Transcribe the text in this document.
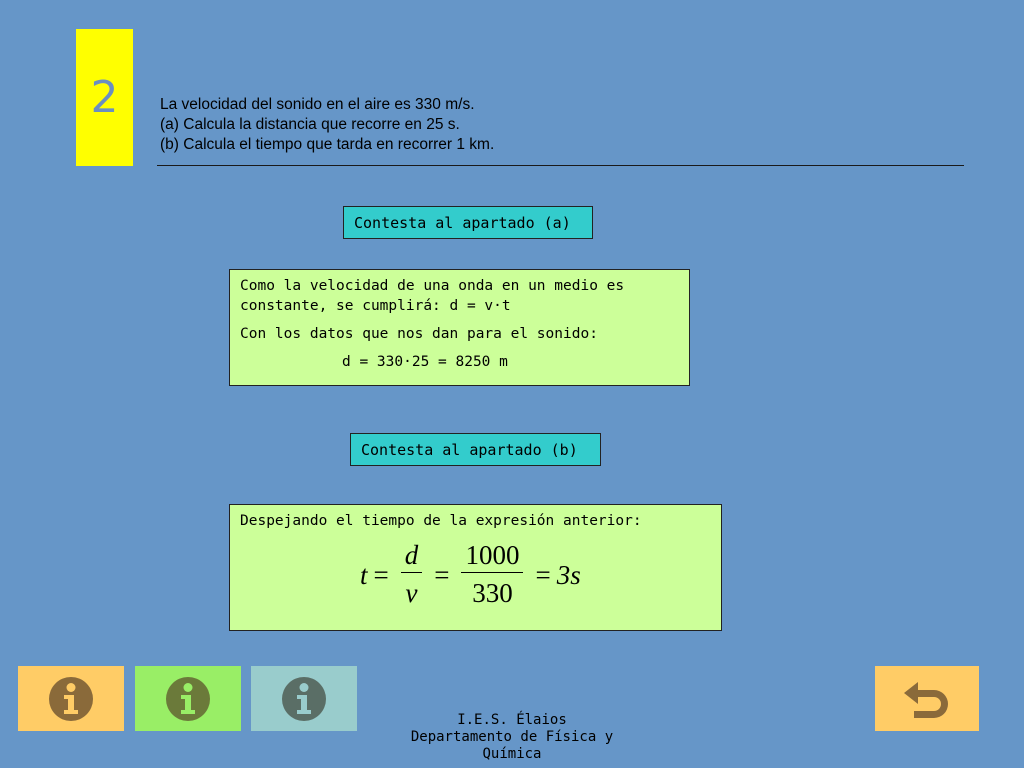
2	La velocidad del sonido en el aire es 330 m/s.
(a) Calcula la distancia que recorre en 25 s.
(b) Calcula el tiempo que tarda en recorrer 1 km.
Contesta al apartado (a)

Como la velocidad de una onda en un medio es constante, se cumplirá: d = v·t

Con los datos que nos dan para el sonido:

d = 330·25 = 8250 m

Contesta al apartado (b)

Despejando el tiempo de la expresión anterior:

$t = \frac{d}{v} = \frac{1000}{330} = 3s$
I.E.S. Élaios
Departamento de Física y Química
